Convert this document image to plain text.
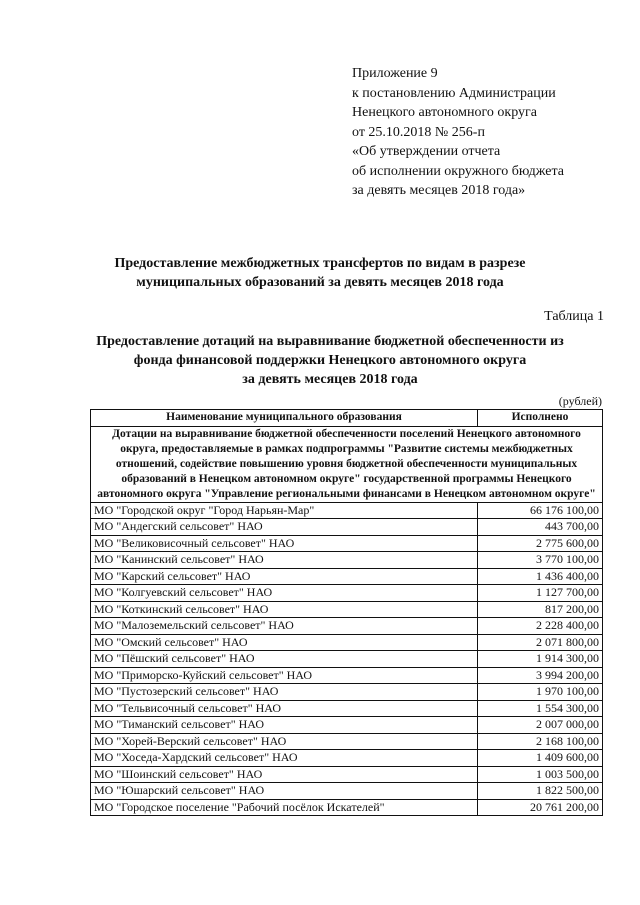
Приложение 9
к постановлению Администрации
Ненецкого автономного округа
от 25.10.2018 № 256-п
«Об утверждении отчета
об исполнении окружного бюджета
за девять месяцев 2018 года»
Предоставление межбюджетных трансфертов по видам в разрезе
муниципальных образований за девять месяцев 2018 года
Таблица 1
Предоставление дотаций на выравнивание бюджетной обеспеченности из
фонда финансовой поддержки Ненецкого автономного округа
за девять месяцев 2018 года
(рублей)
Наименование муниципального образования	Исполнено
Дотации на выравнивание бюджетной обеспеченности поселений Ненецкого автономного округа, предоставляемые в рамках подпрограммы "Развитие системы межбюджетных отношений, содействие повышению уровня бюджетной обеспеченности муниципальных образований в Ненецком автономном округе" государственной программы Ненецкого автономного округа "Управление региональными финансами в Ненецком автономном округе"	
МО "Городской округ "Город Нарьян-Мар"	66 176 100,00
МО "Андегский сельсовет" НАО	443 700,00
МО "Великовисочный сельсовет" НАО	2 775 600,00
МО "Канинский сельсовет" НАО	3 770 100,00
МО "Карский сельсовет" НАО	1 436 400,00
МО "Колгуевский сельсовет" НАО	1 127 700,00
МО "Коткинский сельсовет" НАО	817 200,00
МО "Малоземельский сельсовет" НАО	2 228 400,00
МО "Омский сельсовет" НАО	2 071 800,00
МО "Пёшский сельсовет" НАО	1 914 300,00
МО "Приморско-Куйский сельсовет" НАО	3 994 200,00
МО "Пустозерский сельсовет" НАО	1 970 100,00
МО "Тельвисочный сельсовет" НАО	1 554 300,00
МО "Тиманский сельсовет" НАО	2 007 000,00
МО "Хорей-Верский сельсовет" НАО	2 168 100,00
МО "Хоседа-Хардский сельсовет" НАО	1 409 600,00
МО "Шоинский сельсовет" НАО	1 003 500,00
МО "Юшарский сельсовет" НАО	1 822 500,00
МО "Городское поселение "Рабочий посёлок Искателей"	20 761 200,00
